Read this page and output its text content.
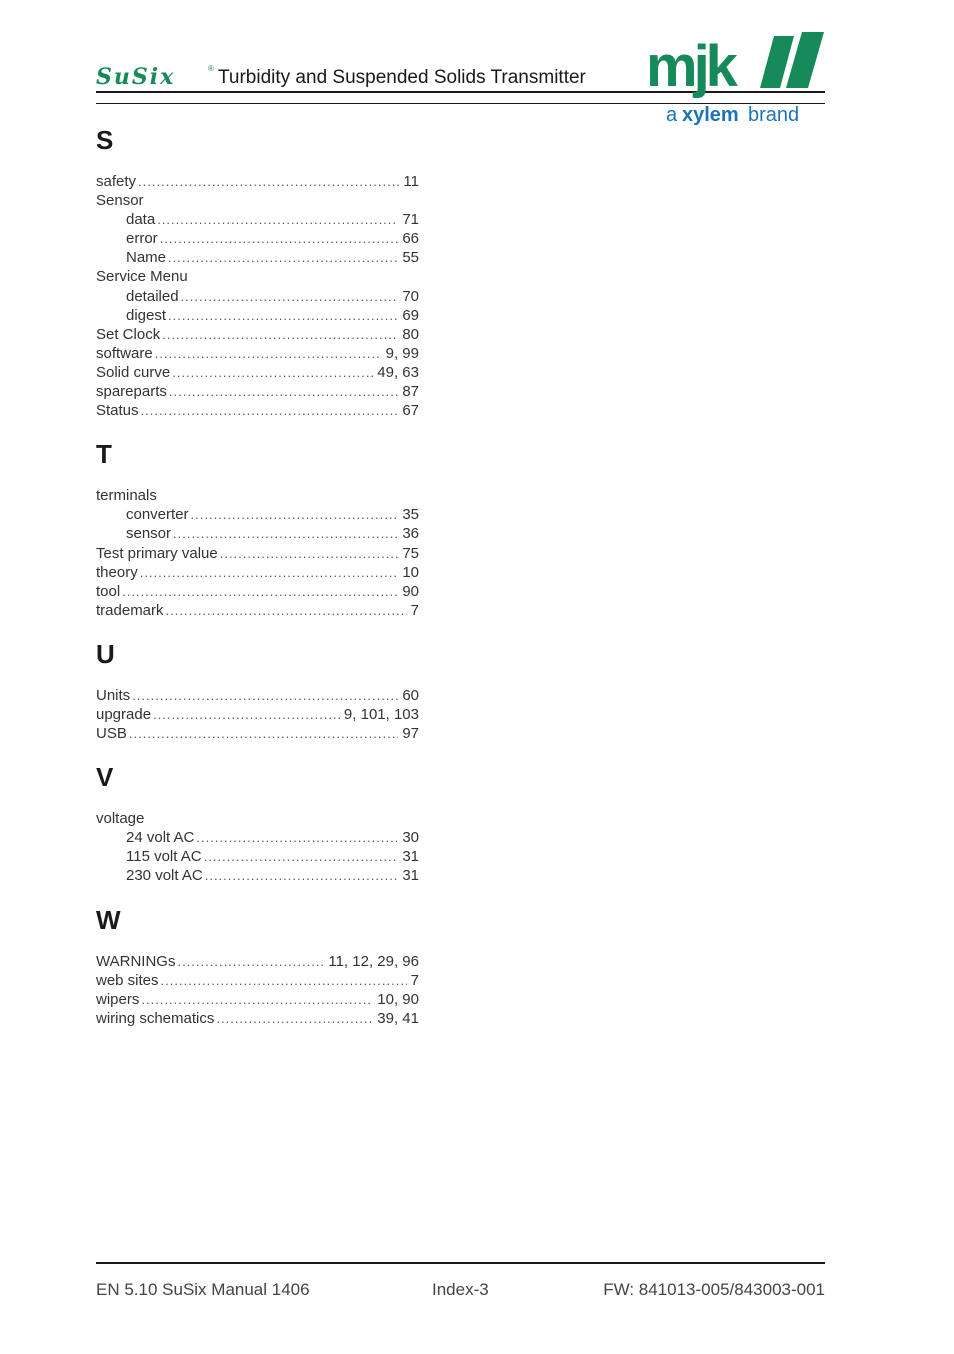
SuSix	® Turbidity and Suspended Solids Transmitter mjk
a xylem brand
S
safety .....	11
Sensor
data .....	71
error .....	66
Name .....	55
Service Menu
detailed .....	70
digest .....	69
Set Clock .....	80
software .....	9, 99
Solid curve .....	49, 63
spareparts .....	87
Status .....	67
T
terminals
converter .....	35
sensor .....	36
Test primary value .....	75
theory .....	10
tool .....	90
trademark .....	7
U
Units .....	60
upgrade .....	9, 101, 103
USB .....	97
V
voltage
24 volt AC .....	30
115 volt AC .....	31
230 volt AC .....	31
W
WARNINGs .....	11, 12, 29, 96
web sites .....	7
wipers .....	10, 90
wiring schematics .....	39, 41
EN 5.10 SuSix Manual 1406	Index-3	FW: 841013-005/843003-001
